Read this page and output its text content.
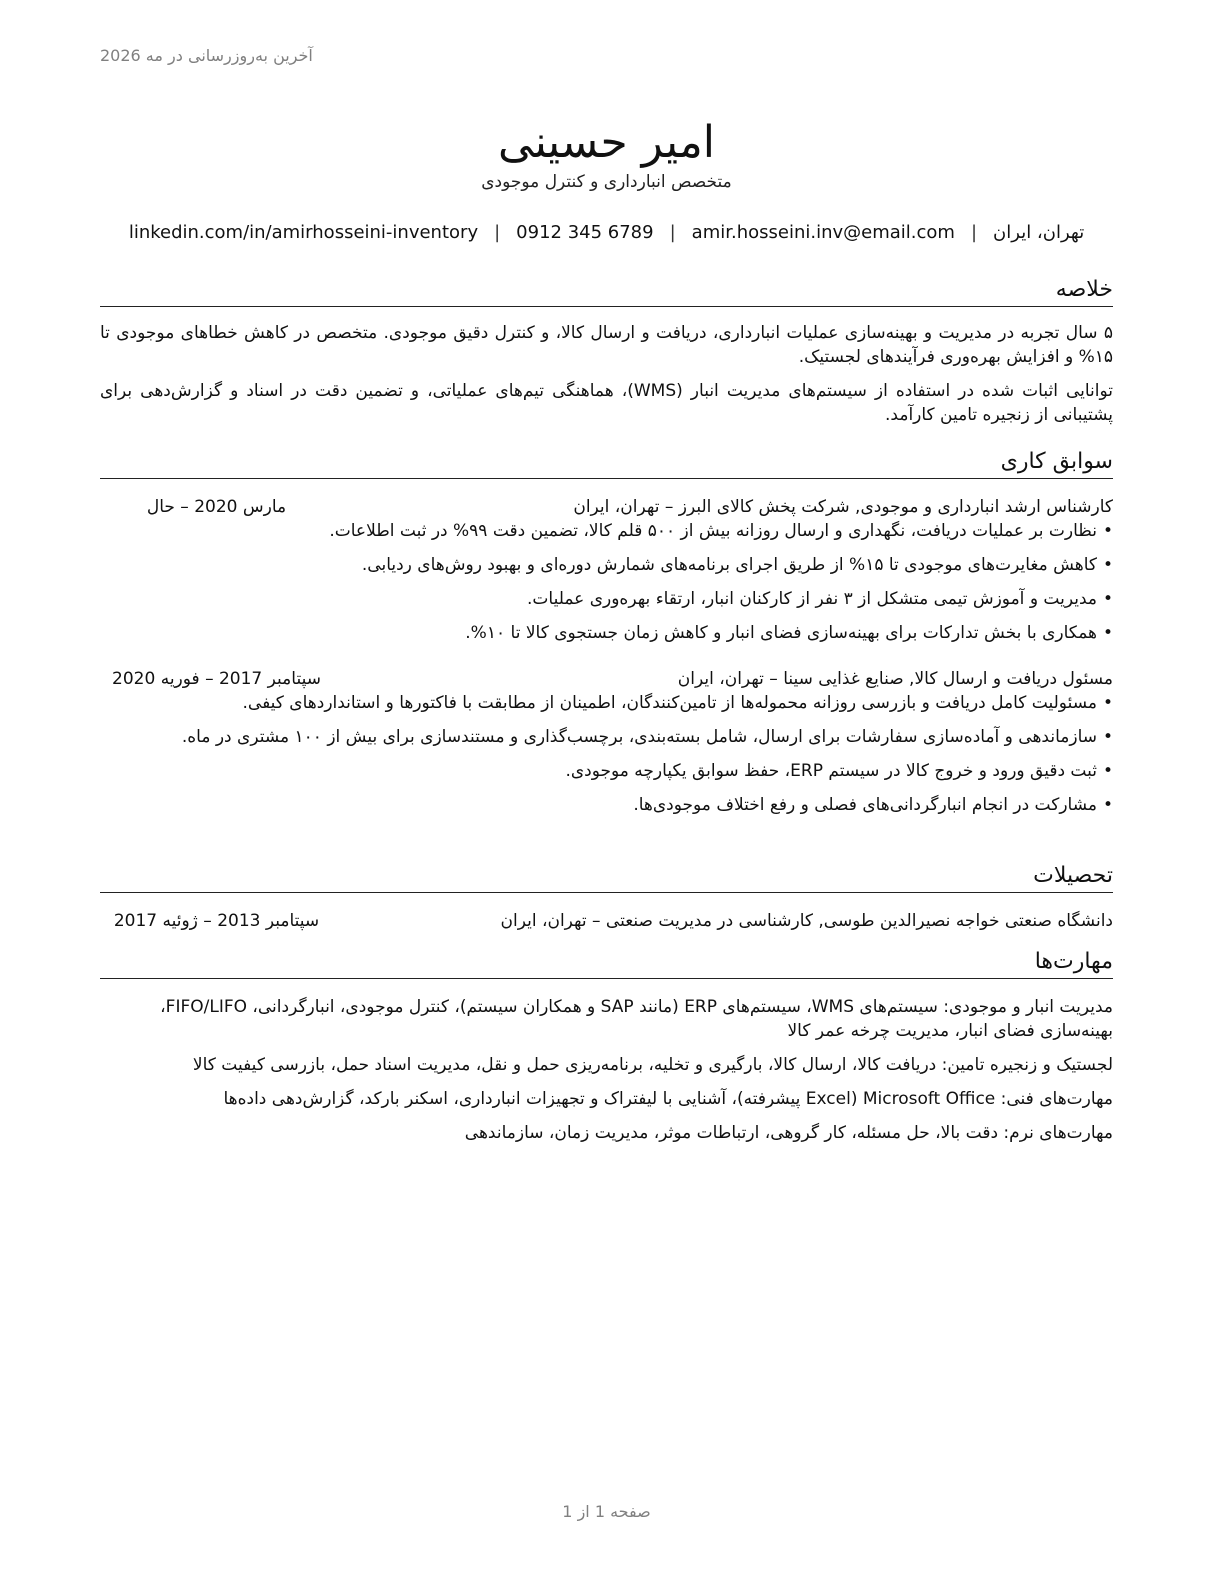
آخرین به‌روزرسانی در مه 2026
امیر حسینی
متخصص انبارداری و کنترل موجودی
تهران، ایران
|
amir.hosseini.inv@email.com
|
0912 345 6789
|
linkedin.com/in/amirhosseini-inventory
خلاصه

۵ سال تجربه در مدیریت و بهینه‌سازی عملیات انبارداری، دریافت و ارسال کالا، و کنترل دقیق موجودی. متخصص در کاهش خطاهای موجودی تا ۱۵% و افزایش بهره‌وری فرآیندهای لجستیک.

توانایی اثبات شده در استفاده از سیستم‌های مدیریت انبار (WMS)، هماهنگی تیم‌های عملیاتی، و تضمین دقت در اسناد و گزارش‌دهی برای پشتیبانی از زنجیره تامین کارآمد.

سوابق کاری
کارشناس ارشد انبارداری و موجودی, شرکت پخش کالای البرز – تهران، ایران
مارس 2020 – حال
•نظارت بر عملیات دریافت، نگهداری و ارسال روزانه بیش از ۵۰۰ قلم کالا، تضمین دقت ۹۹% در ثبت اطلاعات.
•کاهش مغایرت‌های موجودی تا ۱۵% از طریق اجرای برنامه‌های شمارش دوره‌ای و بهبود روش‌های ردیابی.
•مدیریت و آموزش تیمی متشکل از ۳ نفر از کارکنان انبار، ارتقاء بهره‌وری عملیات.
•همکاری با بخش تدارکات برای بهینه‌سازی فضای انبار و کاهش زمان جستجوی کالا تا ۱۰%.
مسئول دریافت و ارسال کالا, صنایع غذایی سینا – تهران، ایران
سپتامبر 2017 – فوریه 2020
•مسئولیت کامل دریافت و بازرسی روزانه محموله‌ها از تامین‌کنندگان، اطمینان از مطابقت با فاکتورها و استانداردهای کیفی.
•سازماندهی و آماده‌سازی سفارشات برای ارسال، شامل بسته‌بندی، برچسب‌گذاری و مستندسازی برای بیش از ۱۰۰ مشتری در ماه.
•ثبت دقیق ورود و خروج کالا در سیستم ERP، حفظ سوابق یکپارچه موجودی.
•مشارکت در انجام انبارگردانی‌های فصلی و رفع اختلاف موجودی‌ها.
تحصیلات
دانشگاه صنعتی خواجه نصیرالدین طوسی, کارشناسی در مدیریت صنعتی – تهران، ایران
سپتامبر 2013 – ژوئیه 2017
مهارت‌ها

مدیریت انبار و موجودی: سیستم‌های WMS، سیستم‌های ERP (مانند SAP و همکاران سیستم)، کنترل موجودی، انبارگردانی، FIFO/LIFO، بهینه‌سازی فضای انبار، مدیریت چرخه عمر کالا

لجستیک و زنجیره تامین: دریافت کالا، ارسال کالا، بارگیری و تخلیه، برنامه‌ریزی حمل و نقل، مدیریت اسناد حمل، بازرسی کیفیت کالا

مهارت‌های فنی: Microsoft Office (Excel پیشرفته)، آشنایی با لیفتراک و تجهیزات انبارداری، اسکنر بارکد، گزارش‌دهی داده‌ها

مهارت‌های نرم: دقت بالا، حل مسئله، کار گروهی، ارتباطات موثر، مدیریت زمان، سازماندهی

صفحه 1 از 1
